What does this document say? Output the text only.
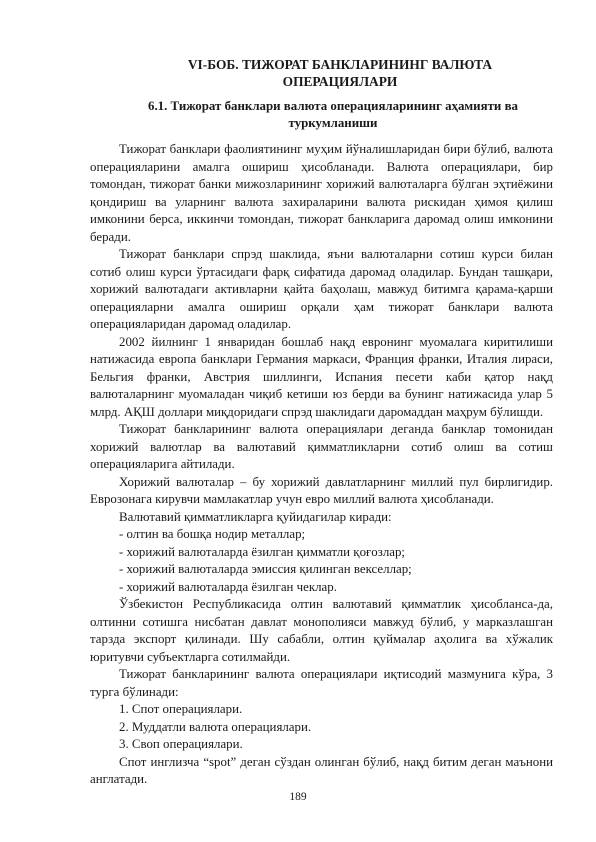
VI-БОБ. ТИЖОРАТ БАНКЛАРИНИНГ ВАЛЮТА
ОПЕРАЦИЯЛАРИ
6.1. Тижорат банклари валюта операцияларининг аҳамияти ва
туркумланиши

Тижорат банклари фаолиятининг муҳим йўналишларидан бири бўлиб, валюта операцияларини амалга ошириш ҳисобланади. Валюта операциялари, бир томондан, тижорат банки мижозларининг хорижий валюталарга бўлган эҳтиёжини қондириш ва уларнинг валюта захираларини валюта рискидан ҳимоя қилиш имконини берса, иккинчи томондан, тижорат банкларига даромад олиш имконини беради.

Тижорат банклари спрэд шаклида, яъни валюталарни сотиш курси билан сотиб олиш курси ўртасидаги фарқ сифатида даромад оладилар. Бундан ташқари, хорижий валютадаги активларни қайта баҳолаш, мавжуд битимга қарама-қарши операцияларни амалга ошириш орқали ҳам тижорат банклари валюта операцияларидан даромад оладилар.

2002 йилнинг 1 январидан бошлаб нақд евронинг муомалага киритилиши натижасида европа банклари Германия маркаси, Франция франки, Италия лираси, Бельгия франки, Австрия шиллинги, Испания песети каби қатор нақд валюталарнинг муомаладан чиқиб кетиши юз берди ва бунинг натижасида улар 5 млрд. АҚШ доллари миқдоридаги спрэд шаклидаги даромаддан маҳрум бўлишди.

Тижорат банкларининг валюта операциялари деганда банклар томонидан хорижий валютлар ва валютавий қимматликларни сотиб олиш ва сотиш операцияларига айтилади.

Хорижий валюталар – бу хорижий давлатларнинг миллий пул бирлигидир. Еврозонага кирувчи мамлакатлар учун евро миллий валюта ҳисобланади.

Валютавий қимматликларга қуйидагилар киради:

- олтин ва бошқа нодир металлар;

- хорижий валюталарда ёзилган қимматли қоғозлар;

- хорижий валюталарда эмиссия қилинган векселлар;

- хорижий валюталарда ёзилган чеклар.

Ўзбекистон Республикасида олтин валютавий қимматлик ҳисобланса-да, олтинни сотишга нисбатан давлат монополияси мавжуд бўлиб, у марказлашган тарзда экспорт қилинади. Шу сабабли, олтин қуймалар аҳолига ва хўжалик юритувчи субъектларга сотилмайди.

Тижорат банкларининг валюта операциялари иқтисодий мазмунига кўра, 3 турга бўлинади:

1. Спот операциялари.

2. Муддатли валюта операциялари.

3. Своп операциялари.

Спот инглизча “spot” деган сўздан олинган бўлиб, нақд битим деган маънони англатади.

189
